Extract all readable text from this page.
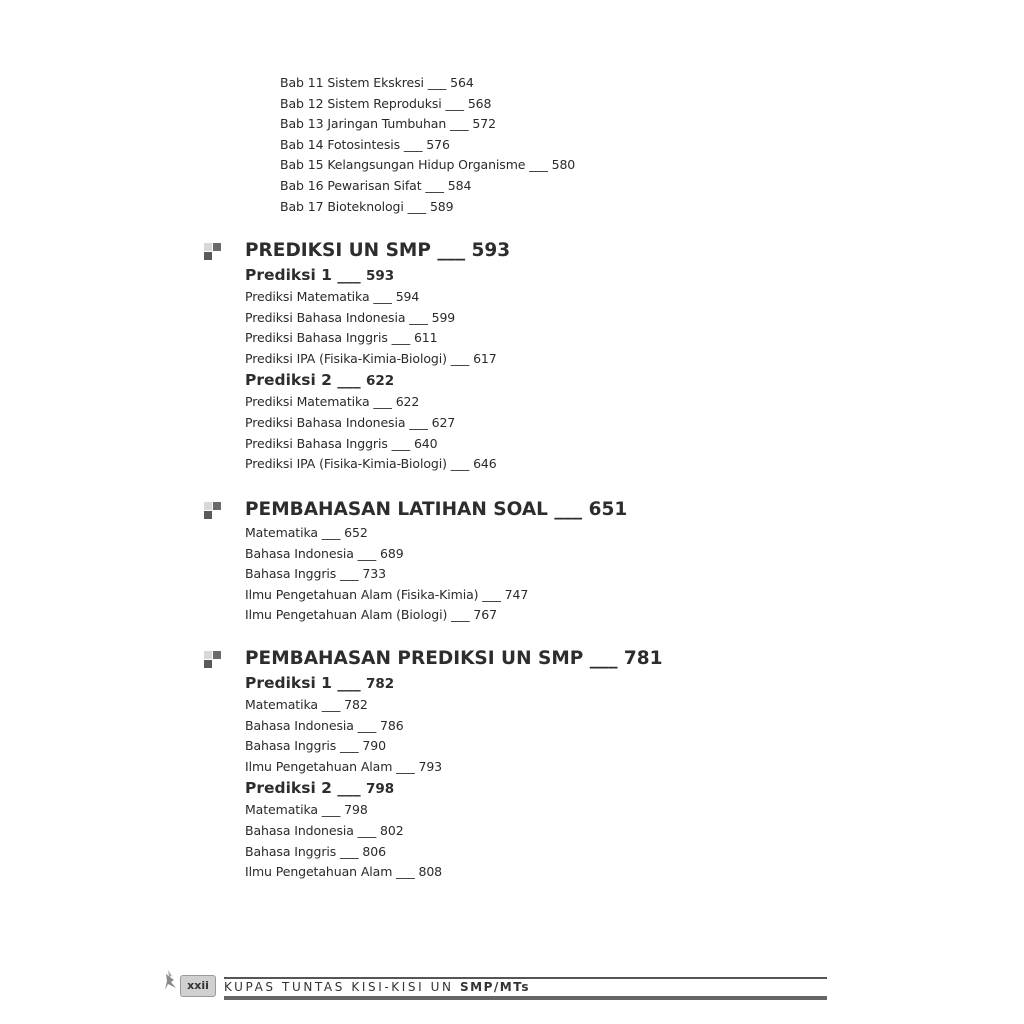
Bab 11 Sistem Ekskresi ___ 564
Bab 12 Sistem Reproduksi ___ 568
Bab 13 Jaringan Tumbuhan ___ 572
Bab 14 Fotosintesis ___ 576
Bab 15 Kelangsungan Hidup Organisme ___ 580
Bab 16 Pewarisan Sifat ___ 584
Bab 17 Bioteknologi ___ 589
PREDIKSI UN SMP ___ 593
Prediksi 1 ___ 593
Prediksi Matematika ___ 594
Prediksi Bahasa Indonesia ___ 599
Prediksi Bahasa Inggris ___ 611
Prediksi IPA (Fisika-Kimia-Biologi) ___ 617
Prediksi 2 ___ 622
Prediksi Matematika ___ 622
Prediksi Bahasa Indonesia ___ 627
Prediksi Bahasa Inggris ___ 640
Prediksi IPA (Fisika-Kimia-Biologi) ___ 646
PEMBAHASAN LATIHAN SOAL ___ 651
Matematika ___ 652
Bahasa Indonesia ___ 689
Bahasa Inggris ___ 733
Ilmu Pengetahuan Alam (Fisika-Kimia) ___ 747
Ilmu Pengetahuan Alam (Biologi) ___ 767
PEMBAHASAN PREDIKSI UN SMP ___ 781
Prediksi 1 ___ 782
Matematika ___ 782
Bahasa Indonesia ___ 786
Bahasa Inggris ___ 790
Ilmu Pengetahuan Alam ___ 793
Prediksi 2 ___ 798
Matematika ___ 798
Bahasa Indonesia ___ 802
Bahasa Inggris ___ 806
Ilmu Pengetahuan Alam ___ 808
xxii	KUPAS TUNTAS KISI-KISI UN SMP/MTs
